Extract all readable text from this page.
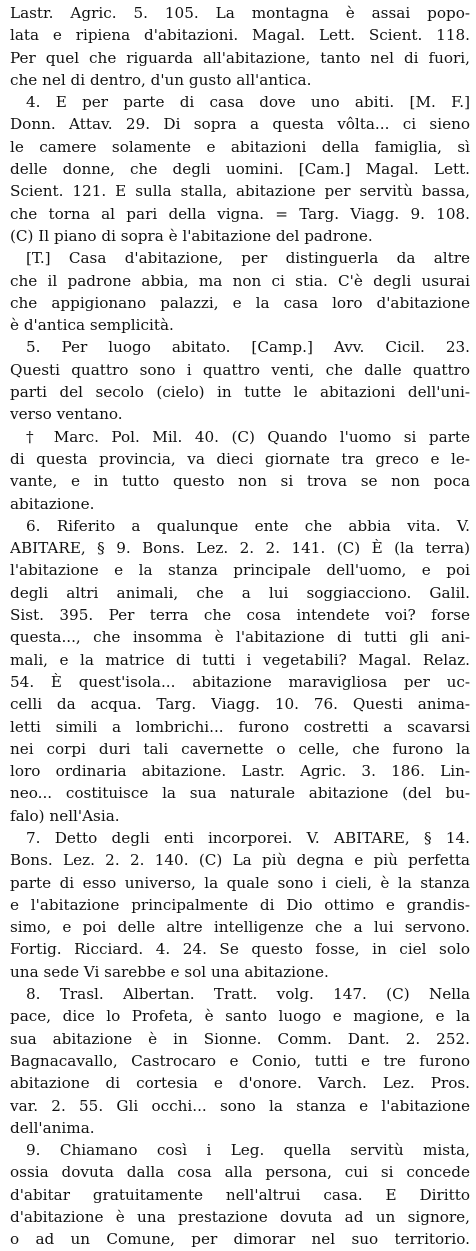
Lastr. Agric. 5. 105. La montagna è assai popo-
lata e ripiena d'abitazioni. Magal. Lett. Scient. 118.
Per quel che riguarda all'abitazione, tanto nel di fuori,
che nel di dentro, d'un gusto all'antica.
4. E per parte di casa dove uno abiti. [M. F.]
Donn. Attav. 29. Di sopra a questa vôlta... ci sieno
le camere solamente e abitazioni della famiglia, sì
delle donne, che degli uomini. [Cam.] Magal. Lett.
Scient. 121. E sulla stalla, abitazione per servitù bassa,
che torna al pari della vigna. = Targ. Viagg. 9. 108.
(C) Il piano di sopra è l'abitazione del padrone.
[T.] Casa d'abitazione, per distinguerla da altre
che il padrone abbia, ma non ci stia. C'è degli usurai
che appigionano palazzi, e la casa loro d'abitazione
è d'antica semplicità.
5. Per luogo abitato. [Camp.] Avv. Cicil. 23.
Questi quattro sono i quattro venti, che dalle quattro
parti del secolo (cielo) in tutte le abitazioni dell'uni-
verso ventano.
† Marc. Pol. Mil. 40. (C) Quando l'uomo si parte
di questa provincia, va dieci giornate tra greco e le-
vante, e in tutto questo non si trova se non poca
abitazione.
6. Riferito a qualunque ente che abbia vita. V.
ABITARE, § 9. Bons. Lez. 2. 2. 141. (C) È (la terra)
l'abitazione e la stanza principale dell'uomo, e poi
degli altri animali, che a lui soggiacciono. Galil.
Sist. 395. Per terra che cosa intendete voi? forse
questa..., che insomma è l'abitazione di tutti gli ani-
mali, e la matrice di tutti i vegetabili? Magal. Relaz.
54. È quest'isola... abitazione maravigliosa per uc-
celli da acqua. Targ. Viagg. 10. 76. Questi anima-
letti simili a lombrichi... furono costretti a scavarsi
nei corpi duri tali cavernette o celle, che furono la
loro ordinaria abitazione. Lastr. Agric. 3. 186. Lin-
neo... costituisce la sua naturale abitazione (del bu-
falo) nell'Asia.
7. Detto degli enti incorporei. V. ABITARE, § 14.
Bons. Lez. 2. 2. 140. (C) La più degna e più perfetta
parte di esso universo, la quale sono i cieli, è la stanza
e l'abitazione principalmente di Dio ottimo e grandis-
simo, e poi delle altre intelligenze che a lui servono.
Fortig. Ricciard. 4. 24. Se questo fosse, in ciel solo
una sede Vi sarebbe e sol una abitazione.
8. Trasl. Albertan. Tratt. volg. 147. (C) Nella
pace, dice lo Profeta, è santo luogo e magione, e la
sua abitazione è in Sionne. Comm. Dant. 2. 252.
Bagnacavallo, Castrocaro e Conio, tutti e tre furono
abitazione di cortesia e d'onore. Varch. Lez. Pros.
var. 2. 55. Gli occhi... sono la stanza e l'abitazione
dell'anima.
9. Chiamano così i Leg. quella servitù mista,
ossia dovuta dalla cosa alla persona, cui si concede
d'abitar gratuitamente nell'altrui casa. E Diritto
d'abitazione è una prestazione dovuta ad un signore,
o ad un Comune, per dimorar nel suo territorio.
